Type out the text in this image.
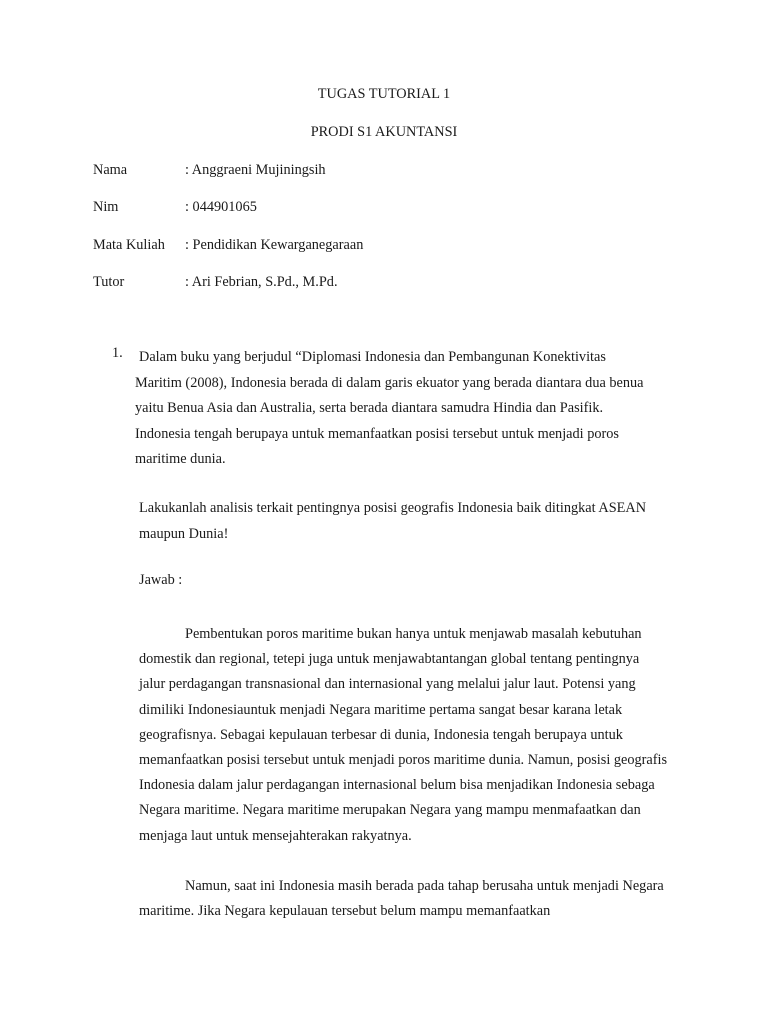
TUGAS TUTORIAL 1
PRODI S1 AKUNTANSI
Nama	: Anggraeni Mujiningsih
Nim	: 044901065
Mata Kuliah : Pendidikan Kewarganegaraan
Tutor	: Ari Febrian, S.Pd., M.Pd.
1. Dalam buku yang berjudul “Diplomasi Indonesia dan Pembangunan Konektivitas Maritim (2008), Indonesia berada di dalam garis ekuator yang berada diantara dua benua yaitu Benua Asia dan Australia, serta berada diantara samudra Hindia dan Pasifik. Indonesia tengah berupaya untuk memanfaatkan posisi tersebut untuk menjadi poros maritime dunia.

Lakukanlah analisis terkait pentingnya posisi geografis Indonesia baik ditingkat ASEAN maupun Dunia!

Jawab :

Pembentukan poros maritime bukan hanya untuk menjawab masalah kebutuhan domestik dan regional, tetepi juga untuk menjawabtantangan global tentang pentingnya jalur perdagangan transnasional dan internasional yang melalui jalur laut. Potensi yang dimiliki Indonesiauntuk menjadi Negara maritime pertama sangat besar karana letak geografisnya. Sebagai kepulauan terbesar di dunia, Indonesia tengah berupaya untuk memanfaatkan posisi tersebut untuk menjadi poros maritime dunia. Namun, posisi geografis Indonesia dalam jalur perdagangan internasional belum bisa menjadikan Indonesia sebaga Negara maritime. Negara maritime merupakan Negara yang mampu menmafaatkan dan menjaga laut untuk mensejahterakan rakyatnya.

Namun, saat ini Indonesia masih berada pada tahap berusaha untuk menjadi Negara maritime. Jika Negara kepulauan tersebut belum mampu memanfaatkan
